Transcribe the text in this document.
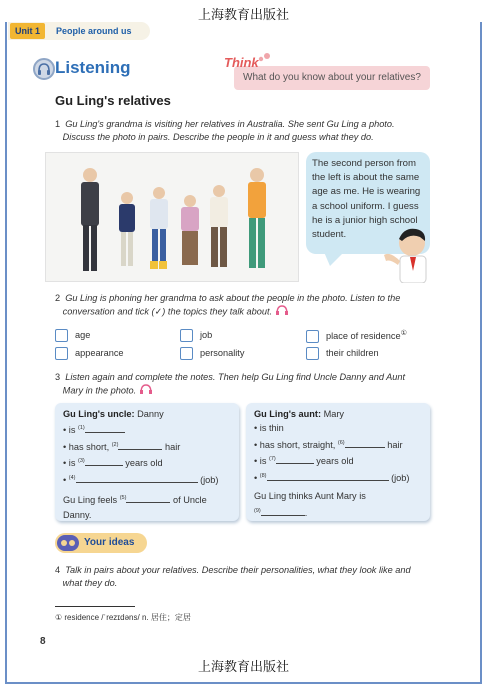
上海教育出版社
Unit 1	People around us
Listening	Think
What do you know about your relatives?
Gu Ling's relatives
1 Gu Ling's grandma is visiting her relatives in Australia. She sent Gu Ling a photo.
Discuss the photo in pairs. Describe the people in it and guess what they do.
The second person from
the left is about the same
age as me. He is wearing
a school uniform. I guess
he is a junior high school
student.
2 Gu Ling is phoning her grandma to ask about the people in the photo. Listen to the
conversation and tick (✓) the topics they talk about.
age	job	place of residence①
appearance	personality	their children
3 Listen again and complete the notes. Then help Gu Ling find Uncle Danny and Aunt
Mary in the photo.
Gu Ling's uncle: Danny
• is $^{(1)}$
• has short, $^{(2)}$	hair
• is $^{(3)}$	years old
• $^{(4)}$	(job)
Gu Ling feels $^{(5)}$	of Uncle
Danny.
Gu Ling's aunt: Mary
• is thin
• has short, straight, $^{(6)}$	hair
• is $^{(7)}$	years old
• $^{(8)}$	(job)
Gu Ling thinks Aunt Mary is
$^{(9)}$	.
Your ideas
4 Talk in pairs about your relatives. Describe their personalities, what they look like and
what they do.
① residence /ˈrezɪdəns/ n. 居住；定居
8
上海教育出版社
